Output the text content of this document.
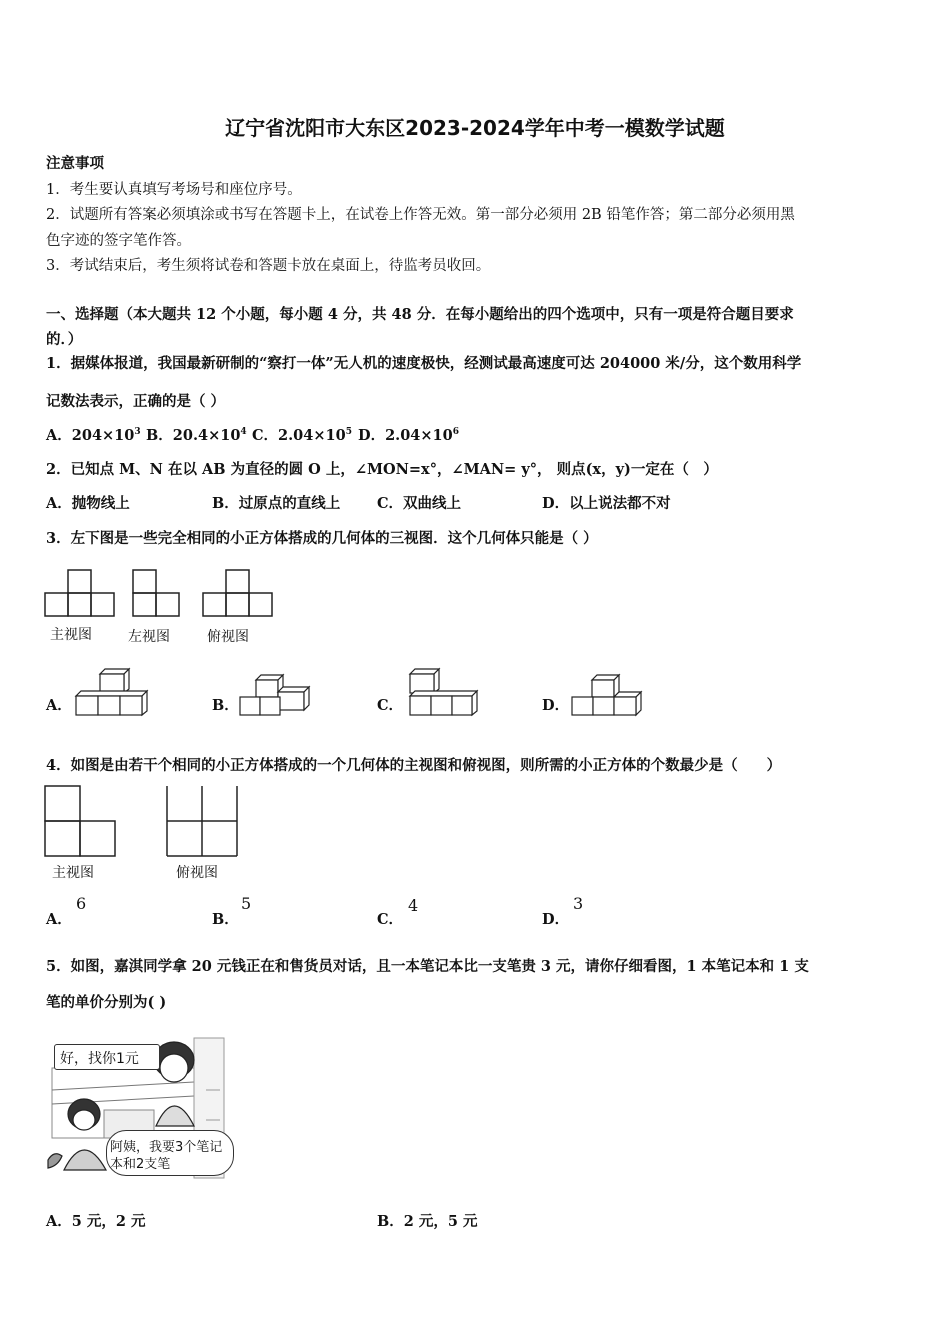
辽宁省沈阳市大东区2023-2024学年中考一模数学试题
注意事项
1．考生要认真填写考场号和座位序号。
2．试题所有答案必须填涂或书写在答题卡上，在试卷上作答无效。第一部分必须用 2B 铅笔作答；第二部分必须用黑
色字迹的签字笔作答。
3．考试结束后，考生须将试卷和答题卡放在桌面上，待监考员收回。
一、选择题（本大题共 12 个小题，每小题 4 分，共 48 分．在每小题给出的四个选项中，只有一项是符合题目要求
的．）
1．据媒体报道，我国最新研制的“察打一体”无人机的速度极快，经测试最高速度可达 204000 米/分，这个数用科学
记数法表示，正确的是（ ）
A．$204\times 10^3$ B．$20.4\times 10^4$ C．$2.04\times 10^5$ D．$2.04\times 10^6$
2．已知点 M、N 在以 AB 为直径的圆 O 上，∠MON=x°，∠MAN= y°， 则点(x，y)一定在（　）
A．抛物线上	B．过原点的直线上	C．双曲线上	D．以上说法都不对
3．左下图是一些完全相同的小正方体搭成的几何体的三视图．这个几何体只能是（ ）
主视图	左视图	俯视图
A．	B．	C．	D．
4．如图是由若干个相同的小正方体搭成的一个几何体的主视图和俯视图，则所需的小正方体的个数最少是（　　）
主视图	俯视图
A．
6
B．
5
C．
4
D．
3
5．如图，嘉淇同学拿 20 元钱正在和售货员对话，且一本笔记本比一支笔贵 3 元，请你仔细看图，1 本笔记本和 1 支
笔的单价分别为( )
好，找你1元
阿姨，我要3个笔记
本和2支笔
A．5 元，2 元	B．2 元，5 元
